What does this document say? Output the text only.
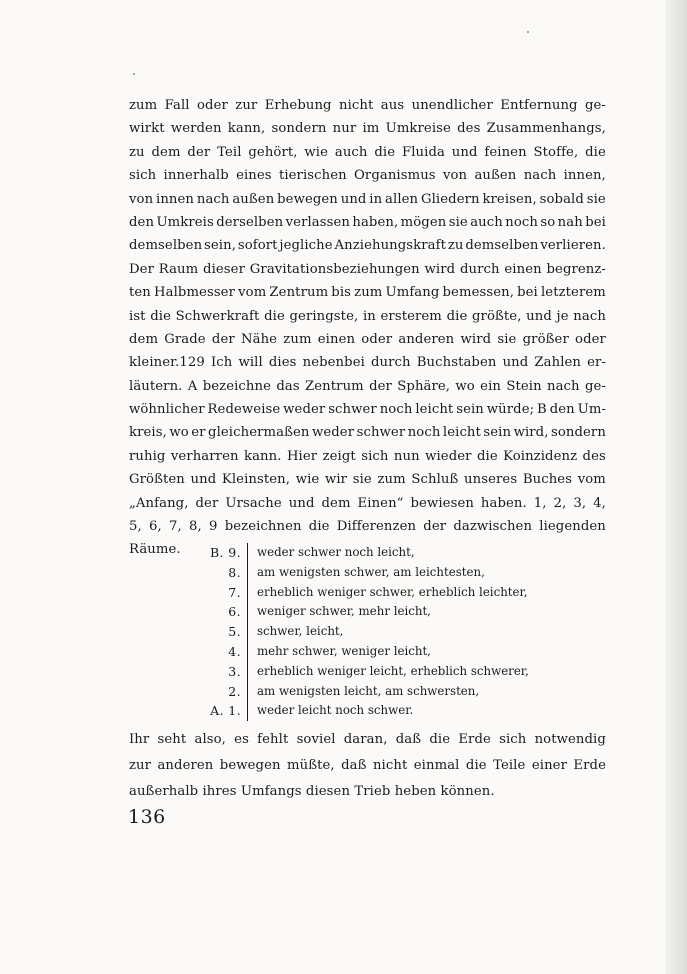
zum Fall oder zur Erhebung nicht aus unendlicher Entfernung ge-
wirkt werden kann, sondern nur im Umkreise des Zusammenhangs,
zu dem der Teil gehört, wie auch die Fluida und feinen Stoffe, die
sich innerhalb eines tierischen Organismus von außen nach innen,
von innen nach außen bewegen und in allen Gliedern kreisen, sobald sie
den Umkreis derselben verlassen haben, mögen sie auch noch so nah bei
demselben sein, sofort jegliche Anziehungskraft zu demselben verlieren.
Der Raum dieser Gravitationsbeziehungen wird durch einen begrenz-
ten Halbmesser vom Zentrum bis zum Umfang bemessen, bei letzterem
ist die Schwerkraft die geringste, in ersterem die größte, und je nach
dem Grade der Nähe zum einen oder anderen wird sie größer oder
kleiner.129 Ich will dies nebenbei durch Buchstaben und Zahlen er-
läutern. A bezeichne das Zentrum der Sphäre, wo ein Stein nach ge-
wöhnlicher Redeweise weder schwer noch leicht sein würde; B den Um-
kreis, wo er gleichermaßen weder schwer noch leicht sein wird, sondern
ruhig verharren kann. Hier zeigt sich nun wieder die Koinzidenz des
Größten und Kleinsten, wie wir sie zum Schluß unseres Buches vom
„Anfang, der Ursache und dem Einen“ bewiesen haben. 1, 2, 3, 4,
5, 6, 7, 8, 9 bezeichnen die Differenzen der dazwischen liegenden
Räume.	B. 9.	weder schwer noch leicht,
8.	am wenigsten schwer, am leichtesten,
7.	erheblich weniger schwer, erheblich leichter,
6.	weniger schwer, mehr leicht,
5.	schwer, leicht,
4.	mehr schwer, weniger leicht,
3.	erheblich weniger leicht, erheblich schwerer,
2.	am wenigsten leicht, am schwersten,
A. 1.	weder leicht noch schwer.
Ihr seht also, es fehlt soviel daran, daß die Erde sich notwendig
zur anderen bewegen müßte, daß nicht einmal die Teile einer Erde
außerhalb ihres Umfangs diesen Trieb heben können.

136
